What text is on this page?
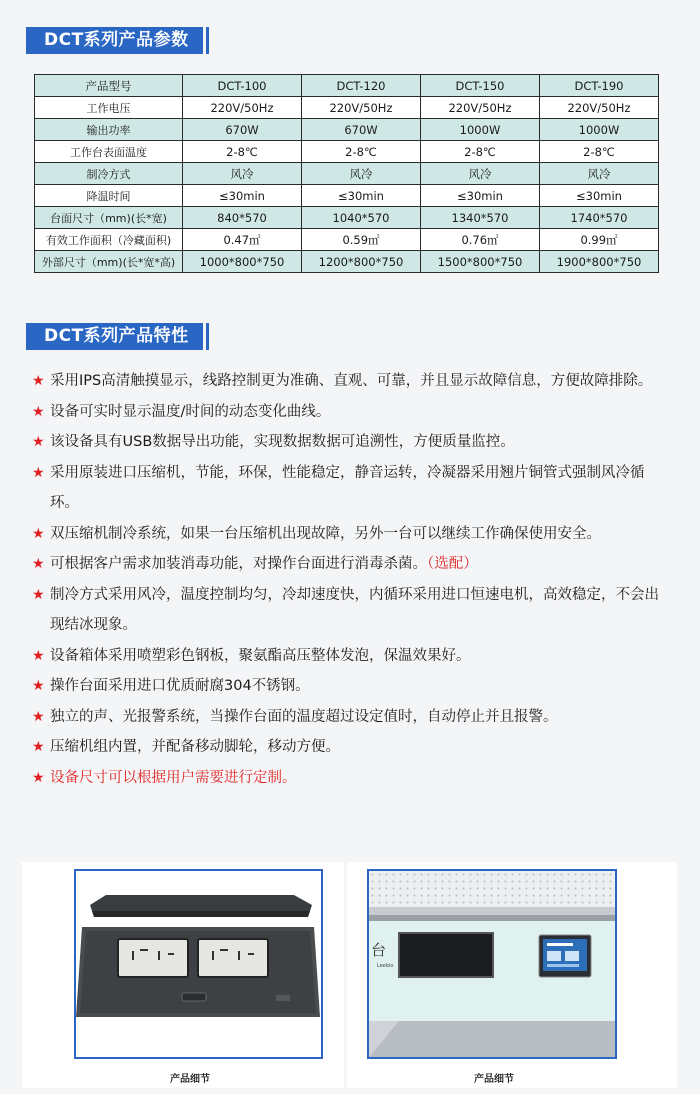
DCT系列产品参数
产品型号	DCT-100	DCT-120	DCT-150	DCT-190
工作电压	220V/50Hz	220V/50Hz	220V/50Hz	220V/50Hz
输出功率	670W	670W	1000W	1000W
工作台表面温度	2-8℃	2-8℃	2-8℃	2-8℃
制冷方式	风冷	风冷	风冷	风冷
降温时间	≤30min	≤30min	≤30min	≤30min
台面尺寸（mm)(长*宽)	840*570	1040*570	1340*570	1740*570
有效工作面积（冷藏面积)	0.47㎡	0.59㎡	0.76㎡	0.99㎡
外部尺寸（mm)(长*宽*高)	1000*800*750	1200*800*750	1500*800*750	1900*800*750
DCT系列产品特性
★ 采用IPS高清触摸显示，线路控制更为准确、直观、可靠，并且显示故障信息，方便故障排除。
★ 设备可实时显示温度/时间的动态变化曲线。
★ 该设备具有USB数据导出功能，实现数据数据可追溯性，方便质量监控。
★ 采用原装进口压缩机，节能，环保，性能稳定，静音运转，冷凝器采用翘片铜管式强制风冷循环。
★ 双压缩机制冷系统，如果一台压缩机出现故障，另外一台可以继续工作确保使用安全。
★ 可根据客户需求加装消毒功能，对操作台面进行消毒杀菌。（选配）
★ 制冷方式采用风冷，温度控制均匀，冷却速度快，内循环采用进口恒速电机，高效稳定，不会出现结冰现象。
★ 设备箱体采用喷塑彩色钢板，聚氨酯高压整体发泡，保温效果好。
★ 操作台面采用进口优质耐腐304不锈钢。
★ 独立的声、光报警系统，当操作台面的温度超过设定值时，自动停止并且报警。
★ 压缩机组内置，并配备移动脚轮，移动方便。
★ 设备尺寸可以根据用户需要进行定制。
产品细节
台
Leebio
产品细节
